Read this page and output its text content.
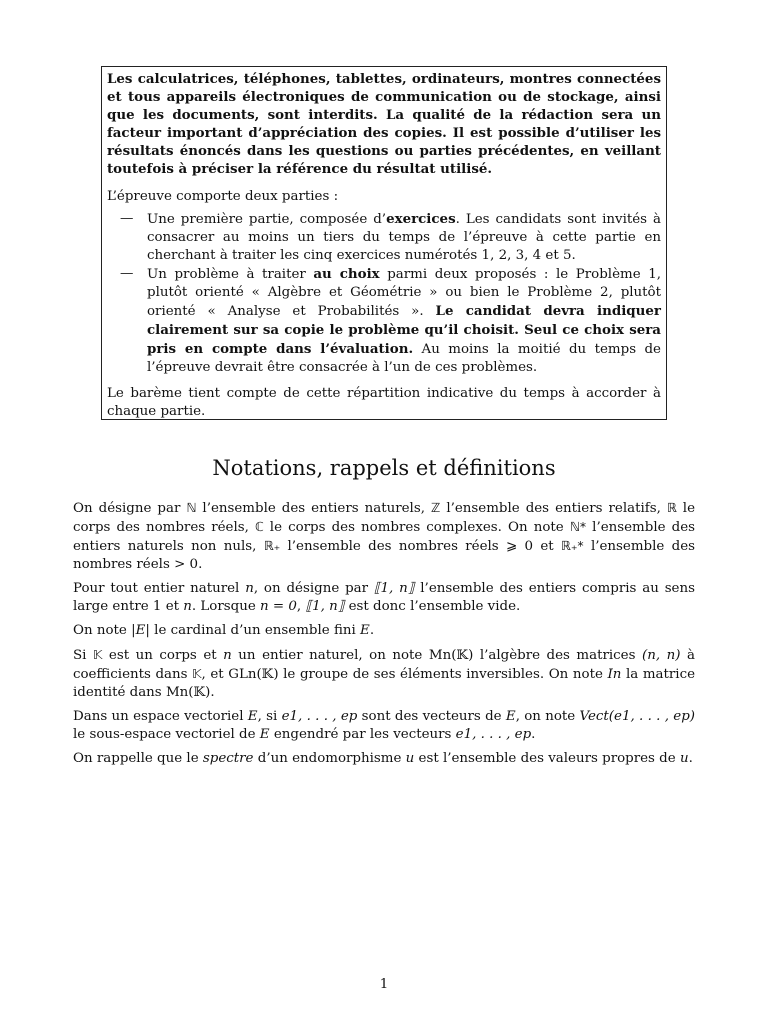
Les calculatrices, téléphones, tablettes, ordinateurs, montres connectées et tous appareils électroniques de communication ou de stockage, ainsi que les documents, sont interdits. La qualité de la rédaction sera un facteur important d’appréciation des copies. Il est possible d’utiliser les résultats énoncés dans les questions ou parties précédentes, en veillant toutefois à préciser la référence du résultat utilisé.

L’épreuve comporte deux parties :

— Une première partie, composée d’exercices. Les candidats sont invités à consacrer au moins un tiers du temps de l’épreuve à cette partie en cherchant à traiter les cinq exercices numérotés 1, 2, 3, 4 et 5.
— Un problème à traiter au choix parmi deux proposés : le Problème 1, plutôt orienté « Algèbre et Géométrie » ou bien le Problème 2, plutôt orienté « Analyse et Probabilités ». Le candidat devra indiquer clairement sur sa copie le problème qu’il choisit. Seul ce choix sera pris en compte dans l’évaluation. Au moins la moitié du temps de l’épreuve devrait être consacrée à l’un de ces problèmes.

Le barème tient compte de cette répartition indicative du temps à accorder à chaque partie.

Notations, rappels et définitions

On désigne par ℕ l’ensemble des entiers naturels, ℤ l’ensemble des entiers relatifs, ℝ le corps des nombres réels, ℂ le corps des nombres complexes. On note ℕ* l’ensemble des entiers naturels non nuls, ℝ₊ l’ensemble des nombres réels ⩾ 0 et ℝ₊* l’ensemble des nombres réels > 0.

Pour tout entier naturel n, on désigne par ⟦1, n⟧ l’ensemble des entiers compris au sens large entre 1 et n. Lorsque n = 0, ⟦1, n⟧ est donc l’ensemble vide.

On note |E| le cardinal d’un ensemble fini E.

Si 𝕂 est un corps et n un entier naturel, on note Mn(𝕂) l’algèbre des matrices (n, n) à coefficients dans 𝕂, et GLn(𝕂) le groupe de ses éléments inversibles. On note In la matrice identité dans Mn(𝕂).

Dans un espace vectoriel E, si e1, . . . , ep sont des vecteurs de E, on note Vect(e1, . . . , ep) le sous-espace vectoriel de E engendré par les vecteurs e1, . . . , ep.

On rappelle que le spectre d’un endomorphisme u est l’ensemble des valeurs propres de u.

1
